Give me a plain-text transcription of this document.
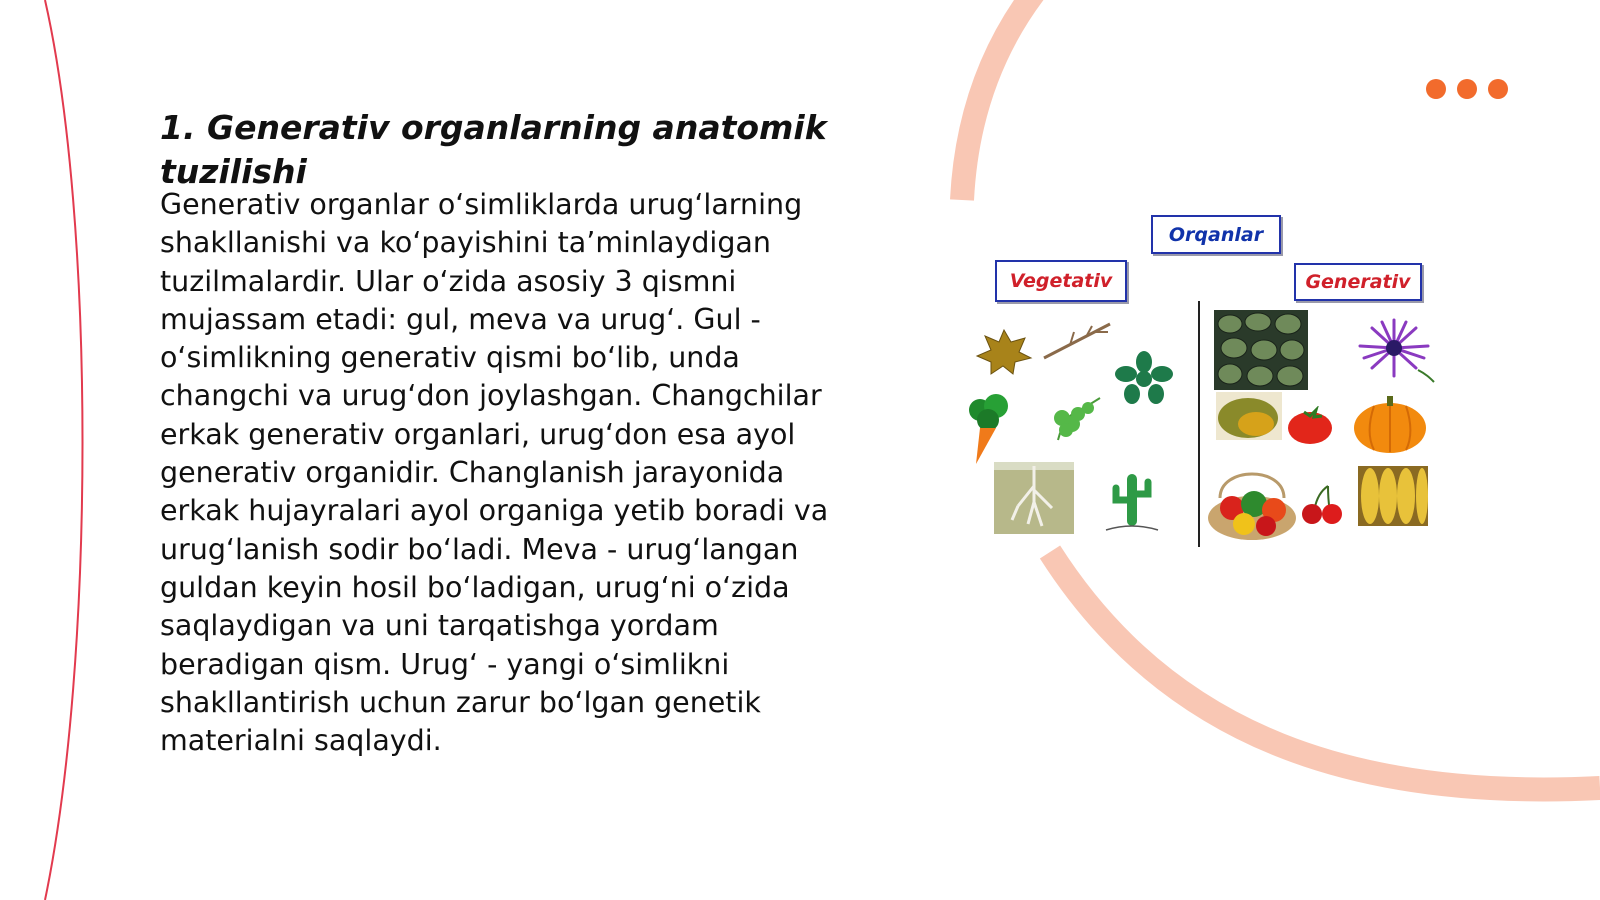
1. Generativ organlarning anatomik tuzilishi

Generativ organlar o‘simliklarda urug‘larning shakllanishi va ko‘payishini ta’minlaydigan tuzilmalardir. Ular o‘zida asosiy 3 qismni mujassam etadi: gul, meva va urug‘. Gul - o‘simlikning generativ qismi bo‘lib, unda changchi va urug‘don joylashgan. Changchilar erkak generativ organlari, urug‘don esa ayol generativ organidir. Changlanish jarayonida erkak hujayralari ayol organiga yetib boradi va urug‘lanish sodir bo‘ladi. Meva - urug‘langan guldan keyin hosil bo‘ladigan, urug‘ni o‘zida saqlaydigan va uni tarqatishga yordam beradigan qism. Urug‘ - yangi o‘simlikni shakllantirish uchun zarur bo‘lgan genetik materialni saqlaydi.

Orqanlar
Vegetativ	Generativ
